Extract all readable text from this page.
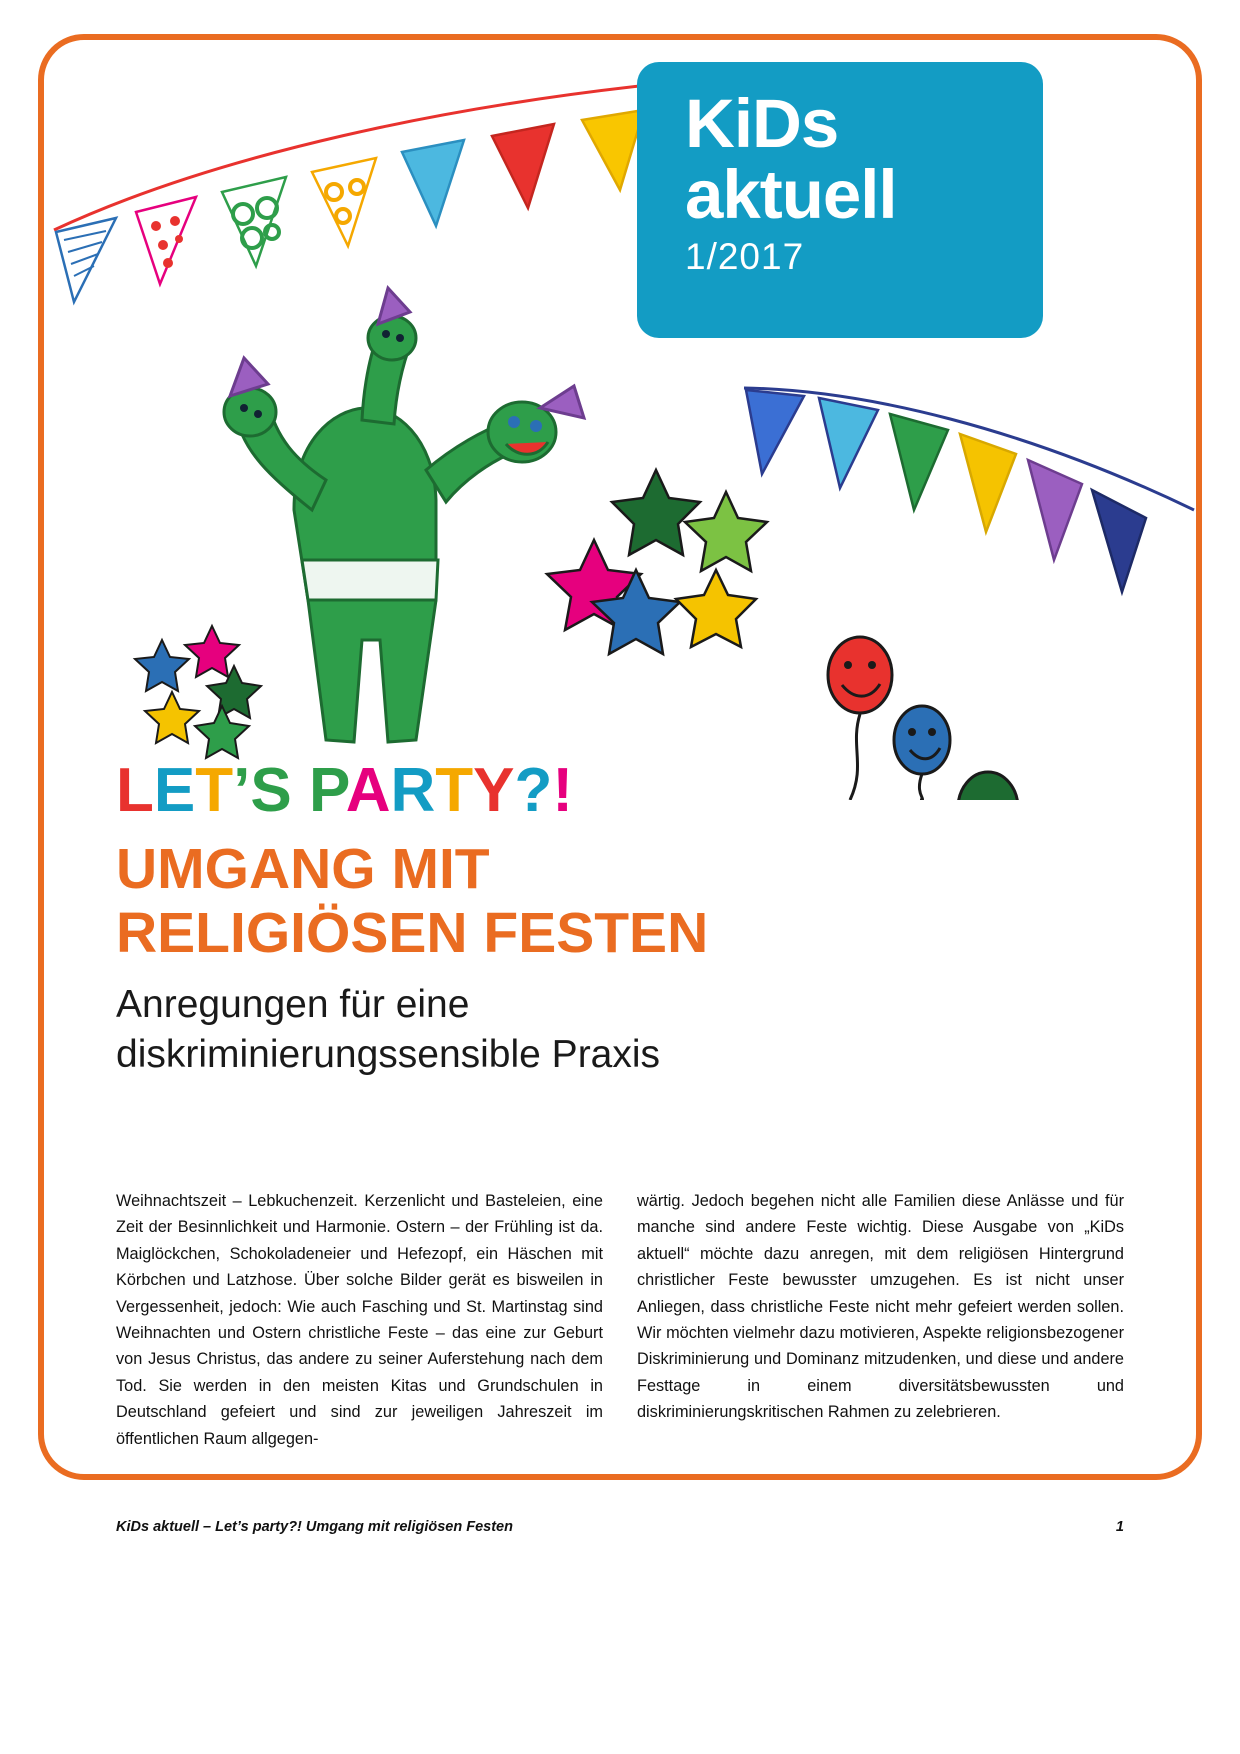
KiDs
aktuell
1/2017
LET’S PARTY?!
UMGANG MIT
RELIGIÖSEN FESTEN
Anregungen für eine
diskriminierungssensible Praxis

Weihnachtszeit – Lebkuchenzeit. Kerzenlicht und Basteleien, eine Zeit der Besinnlichkeit und Harmonie. Ostern – der Frühling ist da. Maiglöckchen, Schokoladeneier und Hefezopf, ein Häschen mit Körbchen und Latzhose. Über solche Bilder gerät es bisweilen in Vergessenheit, jedoch: Wie auch Fasching und St. Martinstag sind Weihnachten und Ostern christliche Feste – das eine zur Geburt von Jesus Christus, das andere zu seiner Auferstehung nach dem Tod. Sie werden in den meisten Kitas und Grundschulen in Deutschland gefeiert und sind zur jeweiligen Jahreszeit im öffentlichen Raum allgegen-

wärtig. Jedoch begehen nicht alle Familien diese Anlässe und für manche sind andere Feste wichtig. Diese Ausgabe von „KiDs aktuell“ möchte dazu anregen, mit dem religiösen Hintergrund christlicher Feste bewusster umzugehen. Es ist nicht unser Anliegen, dass christliche Feste nicht mehr gefeiert werden sollen. Wir möchten vielmehr dazu motivieren, Aspekte religionsbezogener Diskriminierung und Dominanz mitzudenken, und diese und andere Festtage in einem diversitätsbewussten und diskriminierungskritischen Rahmen zu zelebrieren.

KiDs aktuell – Let’s party?! Umgang mit religiösen Festen	1
